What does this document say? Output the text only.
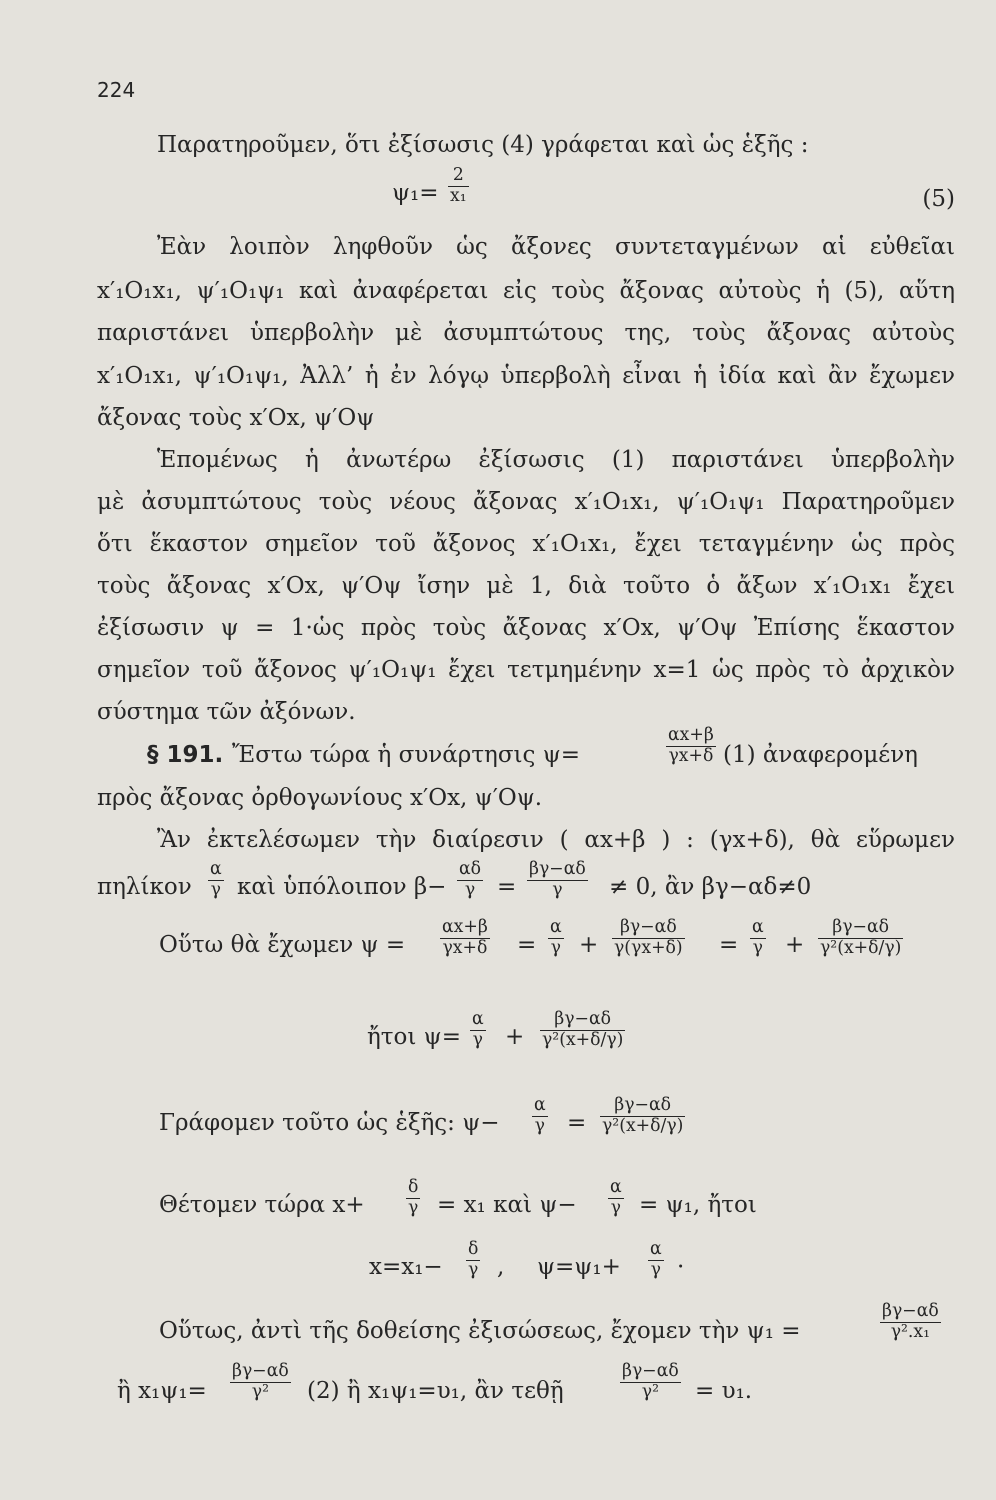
224
Παρατηροῦμεν, ὅτι ἐξίσωσις (4) γράφεται καὶ ὡς ἑξῆς :
ψ₁=
2
x₁	(5)
Ἐὰν λοιπὸν ληφθοῦν ὡς ἄξονες συντεταγμένων αἱ εὐθεῖαι
x′₁O₁x₁, ψ′₁O₁ψ₁ καὶ ἀναφέρεται εἰς τοὺς ἄξονας αὐτοὺς ἡ (5), αὕτη
παριστάνει ὑπερβολὴν μὲ ἀσυμπτώτους της, τοὺς ἄξονας αὐτοὺς
x′₁O₁x₁, ψ′₁O₁ψ₁, Ἀλλ’ ἡ ἐν λόγῳ ὑπερβολὴ εἶναι ἡ ἰδία καὶ ἂν ἔχωμεν
ἄξονας τοὺς x′Ox, ψ′Oψ
Ἑπομένως ἡ ἀνωτέρω ἐξίσωσις (1) παριστάνει ὑπερβολὴν
μὲ ἀσυμπτώτους τοὺς νέους ἄξονας x′₁O₁x₁, ψ′₁O₁ψ₁ Παρατηροῦμεν
ὅτι ἕκαστον σημεῖον τοῦ ἄξονος x′₁O₁x₁, ἔχει τεταγμένην ὡς πρὸς
τοὺς ἄξονας x′Ox, ψ′Oψ ἴσην μὲ 1, διὰ τοῦτο ὁ ἄξων x′₁O₁x₁ ἔχει
ἐξίσωσιν ψ = 1·ὡς πρὸς τοὺς ἄξονας x′Ox, ψ′Oψ Ἐπίσης ἕκαστον
σημεῖον τοῦ ἄξονος ψ′₁O₁ψ₁ ἔχει τετμημένην x=1 ὡς πρὸς τὸ ἀρχικὸν
σύστημα τῶν ἀξόνων.
§ 191. Ἔστω τώρα ἡ συνάρτησις ψ=
αx+β
γx+δ (1) ἀναφερομένη
πρὸς ἄξονας ὀρθογωνίους x′Ox, ψ′Oψ.
Ἂν ἐκτελέσωμεν τὴν διαίρεσιν ( αx+β ) : (γx+δ), θὰ εὕρωμεν
πηλίκον
α
γ καὶ ὑπόλοιπον β−
αδ
γ =
βγ−αδ
γ	≠ 0, ἂν βγ−αδ≠0
Οὕτω θὰ ἔχωμεν ψ =
αx+β
γx+δ =
α
γ +
βγ−αδ
γ(γx+δ) =
α
γ +
βγ−αδ
γ²(x+δ/γ)
ἤτοι ψ=
α
γ +
βγ−αδ
γ²(x+δ/γ)
Γράφομεν τοῦτο ὡς ἑξῆς: ψ−
α
γ =
βγ−αδ
γ²(x+δ/γ)
Θέτομεν τώρα x+
δ
γ = x₁ καὶ ψ−
α
γ = ψ₁, ἤτοι
x=x₁−
δ
γ , ψ=ψ₁+
α
γ ·
Οὕτως, ἀντὶ τῆς δοθείσης ἐξισώσεως, ἔχομεν τὴν ψ₁ =
βγ−αδ
γ².x₁
ἢ x₁ψ₁=
βγ−αδ
γ²	(2) ἢ x₁ψ₁=υ₁, ἂν τεθῇ
βγ−αδ
γ²	= υ₁.
